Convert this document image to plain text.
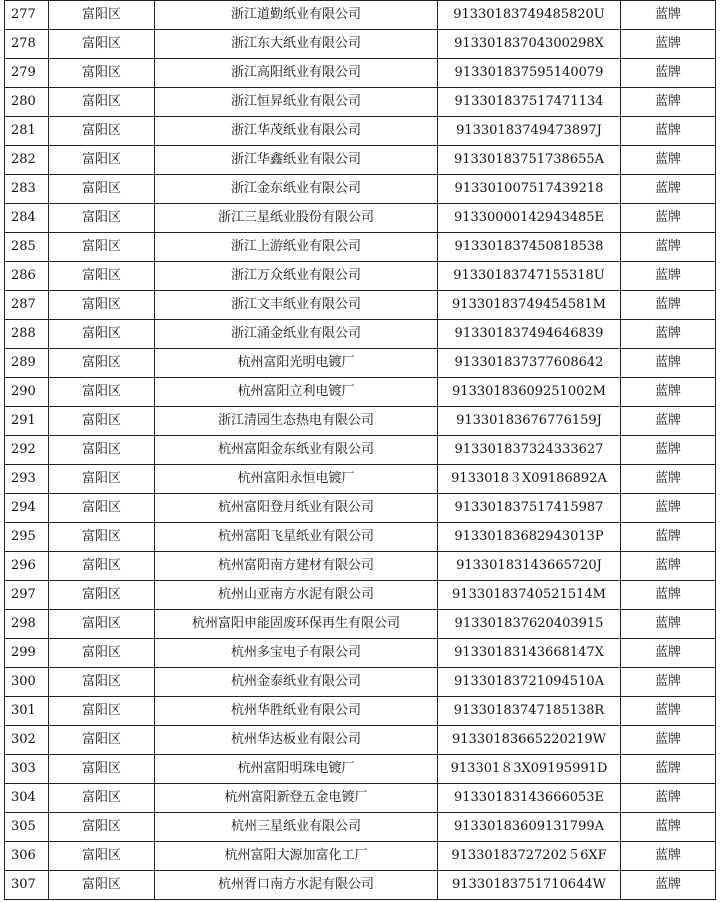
277	富阳区	浙江道勤纸业有限公司	91330183749485820U	蓝牌
278	富阳区	浙江东大纸业有限公司	91330183704300298X	蓝牌
279	富阳区	浙江高阳纸业有限公司	913301837595140079	蓝牌
280	富阳区	浙江恒昇纸业有限公司	913301837517471134	蓝牌
281	富阳区	浙江华茂纸业有限公司	91330183749473897J	蓝牌
282	富阳区	浙江华鑫纸业有限公司	91330183751738655A	蓝牌
283	富阳区	浙江金东纸业有限公司	913301007517439218	蓝牌
284	富阳区	浙江三星纸业股份有限公司	91330000142943485E	蓝牌
285	富阳区	浙江上游纸业有限公司	913301837450818538	蓝牌
286	富阳区	浙江万众纸业有限公司	91330183747155318U	蓝牌
287	富阳区	浙江文丰纸业有限公司	91330183749454581M	蓝牌
288	富阳区	浙江涌金纸业有限公司	913301837494646839	蓝牌
289	富阳区	杭州富阳光明电镀厂	913301837377608642	蓝牌
290	富阳区	杭州富阳立利电镀厂	91330183609251002M	蓝牌
291	富阳区	浙江清园生态热电有限公司	91330183676776159J	蓝牌
292	富阳区	杭州富阳金东纸业有限公司	913301837324333627	蓝牌
293	富阳区	杭州富阳永恒电镀厂	9133018３X09186892A	蓝牌
294	富阳区	杭州富阳登月纸业有限公司	913301837517415987	蓝牌
295	富阳区	杭州富阳飞星纸业有限公司	91330183682943013P	蓝牌
296	富阳区	杭州富阳南方建材有限公司	91330183143665720J	蓝牌
297	富阳区	杭州山亚南方水泥有限公司	91330183740521514M	蓝牌
298	富阳区	杭州富阳申能固废环保再生有限公司	913301837620403915	蓝牌
299	富阳区	杭州多宝电子有限公司	91330183143668147X	蓝牌
300	富阳区	杭州金泰纸业有限公司	91330183721094510A	蓝牌
301	富阳区	杭州华胜纸业有限公司	91330183747185138R	蓝牌
302	富阳区	杭州华达板业有限公司	91330183665220219W	蓝牌
303	富阳区	杭州富阳明珠电镀厂	913301８3X09195991D	蓝牌
304	富阳区	杭州富阳新登五金电镀厂	91330183143666053E	蓝牌
305	富阳区	杭州三星纸业有限公司	91330183609131799A	蓝牌
306	富阳区	杭州富阳大源加富化工厂	91330183727202５6XF	蓝牌
307	富阳区	杭州胥口南方水泥有限公司	91330183751710644W	蓝牌
